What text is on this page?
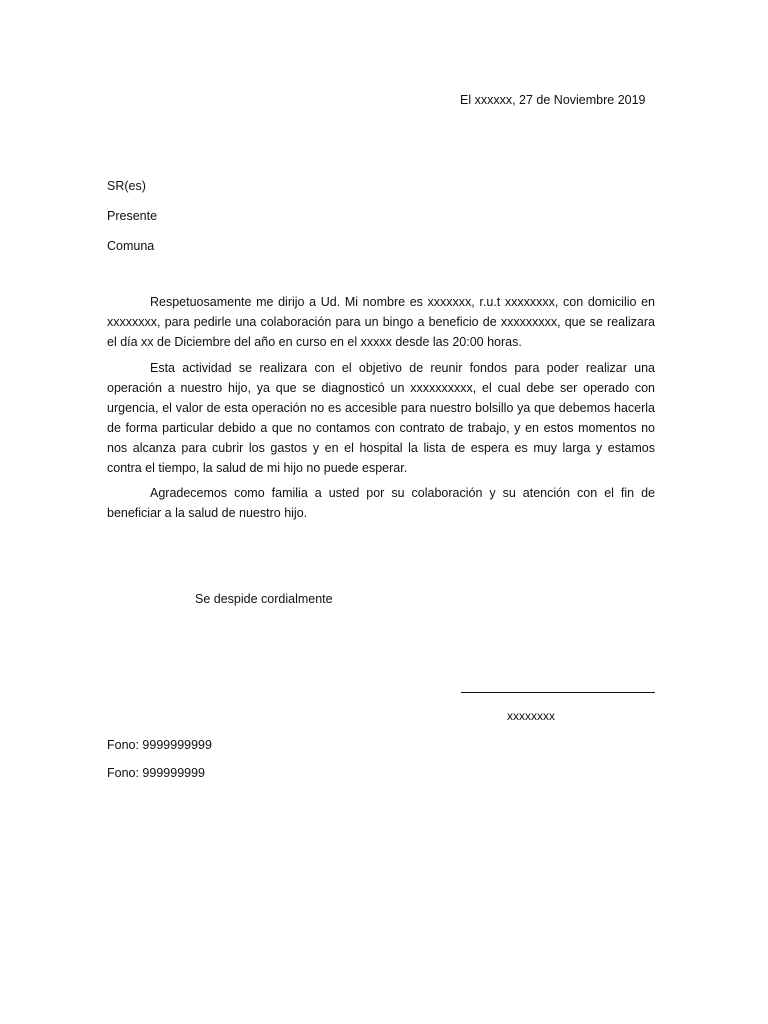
El xxxxxx, 27 de Noviembre 2019
SR(es)
Presente
Comuna
Respetuosamente me dirijo a Ud. Mi nombre es xxxxxxx, r.u.t xxxxxxxx, con domicilio en xxxxxxxx, para pedirle una colaboración para un bingo a beneficio de xxxxxxxxx, que se realizara el día xx de Diciembre del año en curso en el xxxxx desde las 20:00 horas.
Esta actividad se realizara con el objetivo de reunir fondos para poder realizar una operación a nuestro hijo, ya que se diagnosticó un xxxxxxxxxx, el cual debe ser operado con urgencia, el valor de esta operación no es accesible para nuestro bolsillo ya que debemos hacerla de forma particular debido a que no contamos con contrato de trabajo, y en estos momentos no nos alcanza para cubrir los gastos y en el hospital la lista de espera es muy larga y estamos contra el tiempo, la salud de mi hijo no puede esperar.
Agradecemos como familia a usted por su colaboración y su atención con el fin de beneficiar a la salud de nuestro hijo.
Se despide cordialmente
xxxxxxxx
Fono: 9999999999
Fono: 999999999
